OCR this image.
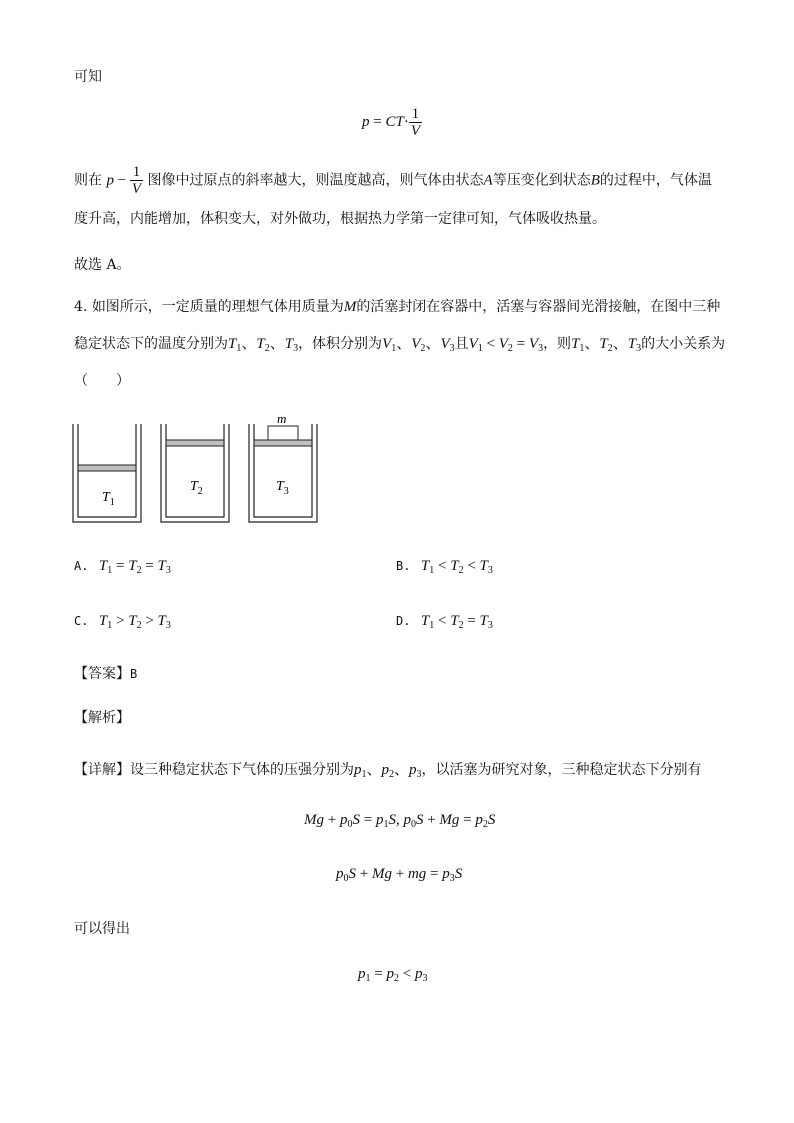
可知
$p = CT\cdot \frac{1}{V}$
则在 $p - \frac{1}{V}$ 图像中过原点的斜率越大，则温度越高，则气体由状态A等压变化到状态B的过程中，气体温
度升高，内能增加，体积变大，对外做功，根据热力学第一定律可知，气体吸收热量。
故选 A。
4. 如图所示，一定质量的理想气体用质量为M的活塞封闭在容器中，活塞与容器间光滑接触，在图中三种
稳定状态下的温度分别为$T_1$、$T_2$、$T_3$，体积分别为$V_1$、$V_2$、$V_3$且$V_1 < V_2 = V_3$，则$T_1$、$T_2$、$T_3$的大小关系为
（　　）
$T_1$
$T_2$
m
$T_3$
A. $T_1 = T_2 = T_3$	B. $T_1 < T_2 < T_3$
C. $T_1 > T_2 > T_3$	D. $T_1 < T_2 = T_3$
【答案】B
【解析】
【详解】设三种稳定状态下气体的压强分别为$p_1$、$p_2$、$p_3$，以活塞为研究对象，三种稳定状态下分别有
$Mg + p_0S = p_1S$, $p_0S + Mg = p_2S$
$p_0S + Mg$ + mg = $p_3S$
可以得出
$p_1 = p_2 < p_3$
